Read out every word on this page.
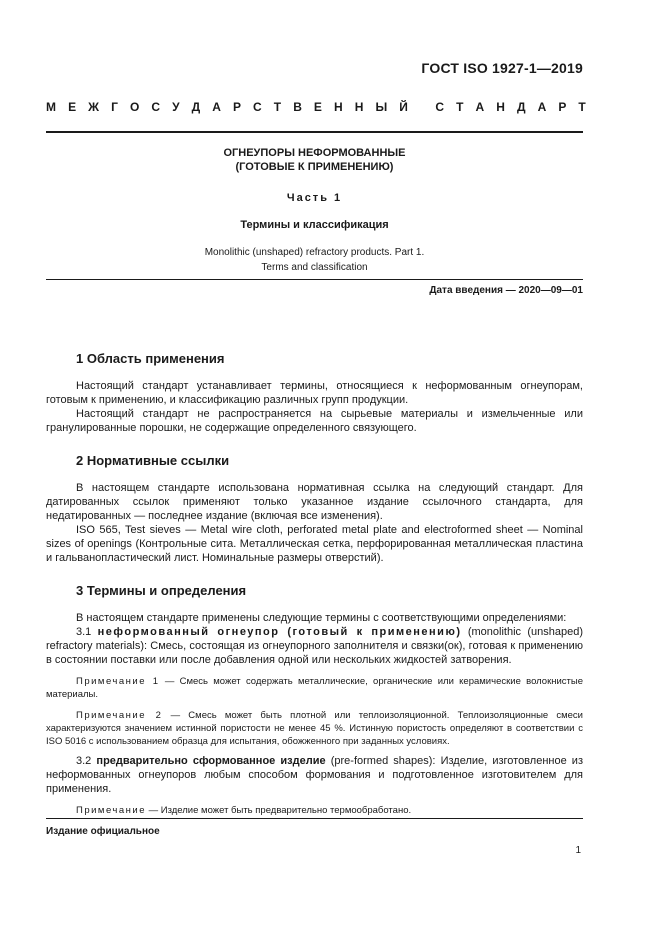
ГОСТ ISO 1927-1—2019
М Е Ж Г О С У Д А Р С Т В Е Н Н Ы Й
С Т А Н Д А Р Т
ОГНЕУПОРЫ НЕФОРМОВАННЫЕ
(ГОТОВЫЕ К ПРИМЕНЕНИЮ)
Часть 1
Термины и классификация
Monolithic (unshaped) refractory products. Part 1.
Terms and classification
Дата введения — 2020—09—01
1 Область применения

Настоящий стандарт устанавливает термины, относящиеся к неформованным огнеупорам, готовым к применению, и классификацию различных групп продукции.

Настоящий стандарт не распространяется на сырьевые материалы и измельченные или гранулированные порошки, не содержащие определенного связующего.

2 Нормативные ссылки

В настоящем стандарте использована нормативная ссылка на следующий стандарт. Для датированных ссылок применяют только указанное издание ссылочного стандарта, для недатированных — последнее издание (включая все изменения).

ISO 565, Test sieves — Metal wire cloth, perforated metal plate and electroformed sheet — Nominal sizes of openings (Контрольные сита. Металлическая сетка, перфорированная металлическая пластина и гальванопластический лист. Номинальные размеры отверстий).

3 Термины и определения

В настоящем стандарте применены следующие термины с соответствующими определениями:

3.1 неформованный огнеупор (готовый к применению) (monolithic (unshaped) refractory materials): Смесь, состоящая из огнеупорного заполнителя и связки(ок), готовая к применению в состоянии поставки или после добавления одной или нескольких жидкостей затворения.

Примечание 1 — Смесь может содержать металлические, органические или керамические волокнистые материалы.

Примечание 2 — Смесь может быть плотной или теплоизоляционной. Теплоизоляционные смеси характеризуются значением истинной пористости не менее 45 %. Истинную пористость определяют в соответствии с ISO 5016 с использованием образца для испытания, обожженного при заданных условиях.

3.2 предварительно сформованное изделие (pre-formed shapes): Изделие, изготовленное из неформованных огнеупоров любым способом формования и подготовленное изготовителем для применения.

Примечание — Изделие может быть предварительно термообработано.

Издание официальное
1
